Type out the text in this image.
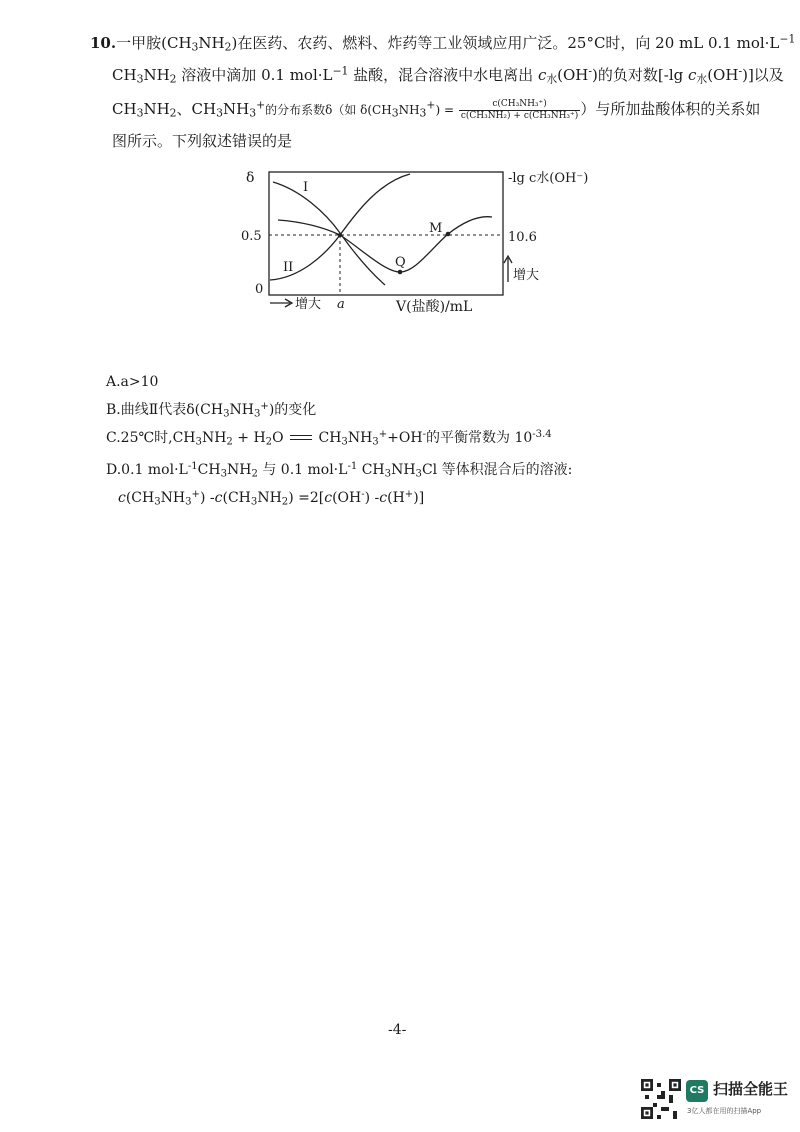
10.一甲胺$(CH_3NH_2)$在医药、农药、燃料、炸药等工业领域应用广泛。25°C时，向 20 mL 0.1 $mol\cdot L^{-1}$
$CH_3NH_2$ 溶液中滴加 0.1 $mol\cdot L^{-1}$ 盐酸，混合溶液中水电离出 $c_水(OH^-)$的负对数[-lg $c_水(OH^-)$]以及
$CH_3NH_2$、$CH_3NH_3^+$的分布系数δ（如 $\delta(CH_3NH_3^+) = \frac{\text{c(CH₃NH₃⁺)}}{\text{c(CH₃NH₂) + c(CH₃NH₃⁺)}}$ ）与所加盐酸体积的关系如
图所示。下列叙述错误的是
δ
0.5
0
I
II
M
Q
-lg c水(OH⁻)
10.6
增大
增大 a	V(盐酸)/mL
A.a>10
B.曲线Ⅱ代表$\delta(CH_3NH_3^+)$的变化
C.25℃时$,CH_3NH_2 + H_2O$  $CH_3NH_3^++OH^-$的平衡常数为 $10^{-3.4}$
D.0.1 $mol\cdot L^{-1}CH_3NH_2$ 与 0.1 $mol\cdot L^{-1}$ $CH_3NH_3Cl$ 等体积混合后的溶液:
$c(CH_3NH_3^+)$ $-c(CH_3NH_2) =2[c(OH^-)$ -c(H+)]
-4-
CS 扫描全能王
3亿人都在用的扫描App
